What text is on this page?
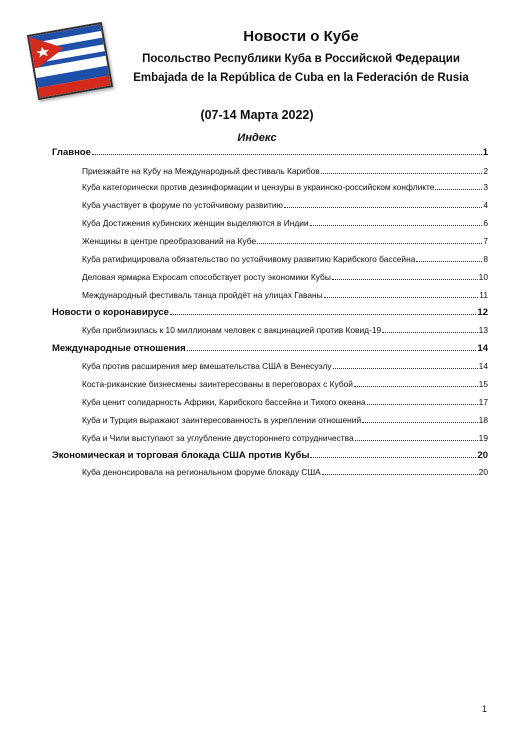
Новости о Кубе
Посольство Республики Куба в Российской Федерации
Embajada de la República de Cuba en la Federación de Rusia
(07-14 Марта 2022)
Индекс
Главное	1
Приезжайте на Кубу на Международный фестиваль Карибов	2
Куба категорически против дезинформации и цензуры в украинско-российском конфликте	3
Куба участвует в форуме по устойчивому развитию	4
Куба Достижения кубинских женщин выделяются в Индии	6
Женщины в центре преобразований на Кубе	7
Куба ратифицировала обязательство по устойчивому развитию Карибского бассейна	8
Деловая ярмарка Expocam способствует росту экономики Кубы	10
Международный фестиваль танца пройдёт на улицах Гаваны	11
Новости о коронавирусе	12
Куба приблизилась к 10 миллионам человек с вакцинацией против Ковид-19	13
Международные отношения	14
Куба против расширения мер вмешательства США в Венесуэлу	14
Коста-риканские бизнесмены заинтересованы в переговорах с Кубой	15
Куба ценит солидарность Африки, Карибского бассейна и Тихого океана	17
Куба и Турция выражают заинтересованность в укреплении отношений	18
Куба и Чили выступают за углубление двустороннего сотрудничества	19
Экономическая и торговая блокада США против Кубы	20
Куба денонсировала на региональном форуме блокаду США	20
1
